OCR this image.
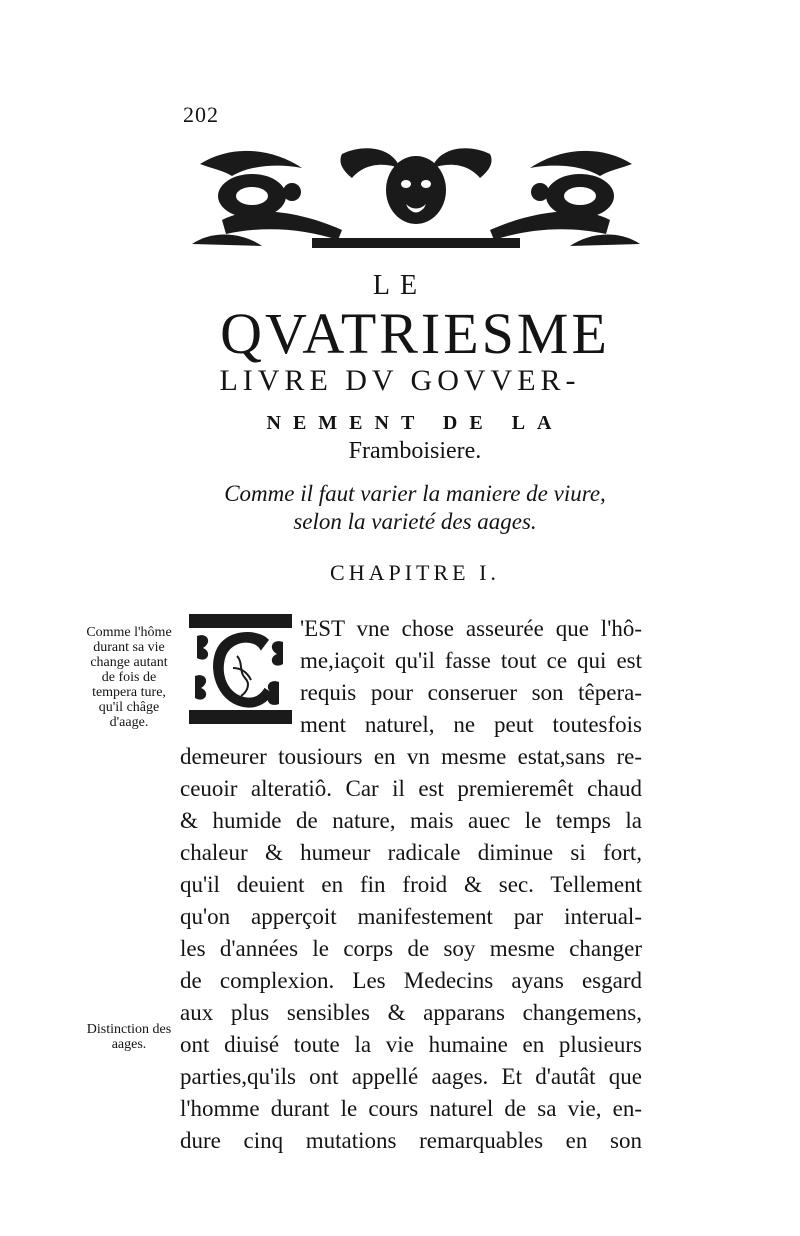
202
LE
QVATRIESME
LIVRE DV GOVVER-
NEMENT DE LA
Framboisiere.
Comme il faut varier la maniere de viure,
selon la varieté des aages.
CHAPITRE I.
Comme l'hôme durant sa vie change autant de fois de tempera ture, qu'il châge d'aage.
Distinction des aages.
'EST vne chose asseurée que l'hô-
me,iaçoit qu'il fasse tout ce qui est
requis pour conseruer son têpera-
ment naturel, ne peut toutesfois
demeurer tousiours en vn mesme estat,sans re-
ceuoir alteratiô. Car il est premieremêt chaud
& humide de nature, mais auec le temps la
chaleur & humeur radicale diminue si fort,
qu'il deuient en fin froid & sec. Tellement
qu'on apperçoit manifestement par interual-
les d'années le corps de soy mesme changer
de complexion. Les Medecins ayans esgard
aux plus sensibles & apparans changemens,
ont diuisé toute la vie humaine en plusieurs
parties,qu'ils ont appellé aages. Et d'autât que
l'homme durant le cours naturel de sa vie, en-
dure cinq mutations remarquables en son
